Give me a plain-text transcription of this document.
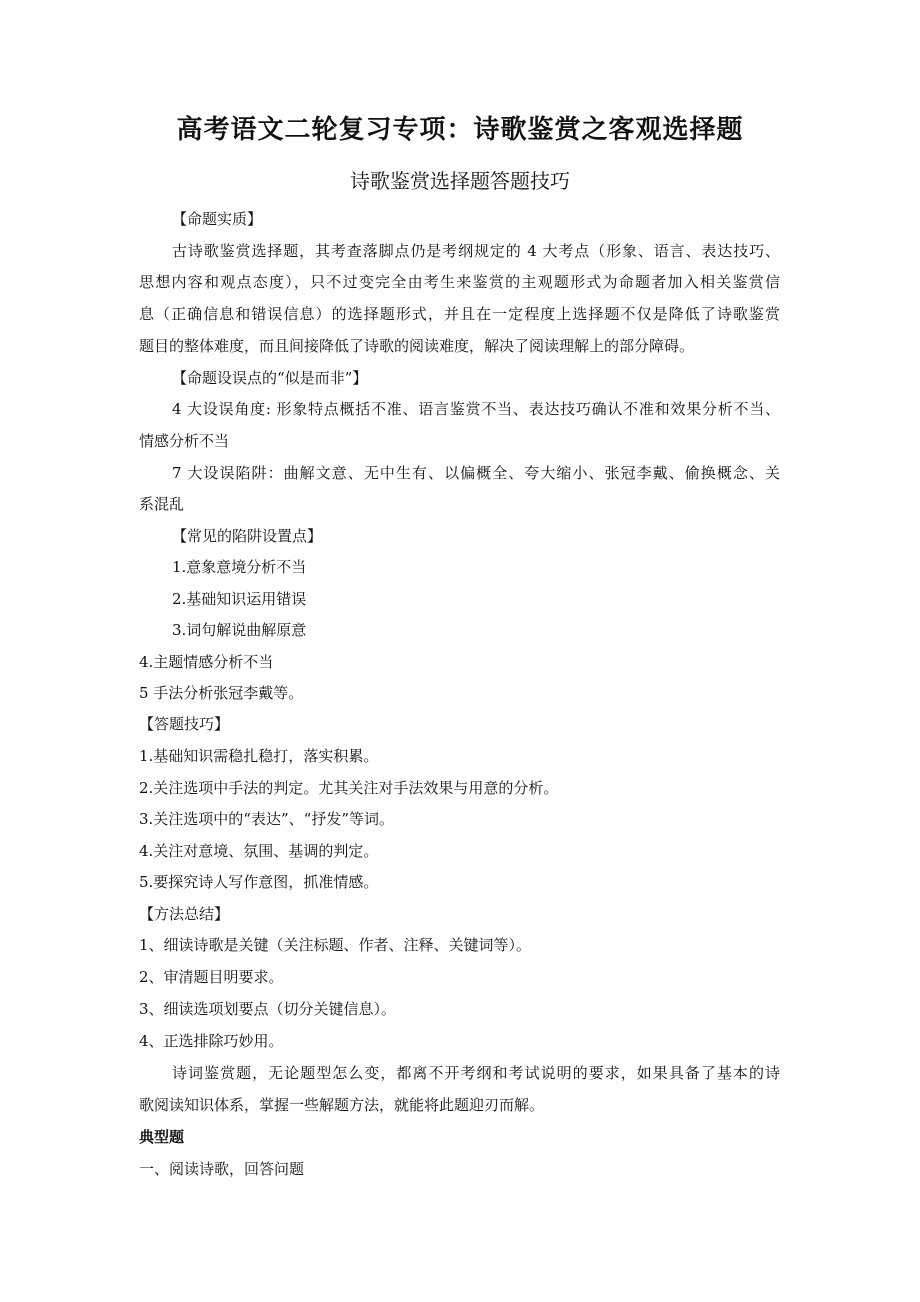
高考语文二轮复习专项：诗歌鉴赏之客观选择题
诗歌鉴赏选择题答题技巧
【命题实质】
古诗歌鉴赏选择题，其考查落脚点仍是考纲规定的 4 大考点（形象、语言、表达技巧、
思想内容和观点态度），只不过变完全由考生来鉴赏的主观题形式为命题者加入相关鉴赏信
息（正确信息和错误信息）的选择题形式，并且在一定程度上选择题不仅是降低了诗歌鉴赏
题目的整体难度，而且间接降低了诗歌的阅读难度，解决了阅读理解上的部分障碍。
【命题设误点的“似是而非”】
4 大设误角度: 形象特点概括不准、语言鉴赏不当、表达技巧确认不准和效果分析不当、
情感分析不当
7 大设误陷阱：曲解文意、无中生有、以偏概全、夸大缩小、张冠李戴、偷换概念、关
系混乱
【常见的陷阱设置点】
1.意象意境分析不当
2.基础知识运用错误
3.词句解说曲解原意
4.主题情感分析不当
5 手法分析张冠李戴等。
【答题技巧】
1.基础知识需稳扎稳打，落实积累。
2.关注选项中手法的判定。尤其关注对手法效果与用意的分析。
3.关注选项中的“表达”、“抒发”等词。
4.关注对意境、氛围、基调的判定。
5.要探究诗人写作意图，抓准情感。
【方法总结】
1、细读诗歌是关键（关注标题、作者、注释、关键词等）。
2、审清题目明要求。
3、细读选项划要点（切分关键信息）。
4、正选排除巧妙用。
诗词鉴赏题，无论题型怎么变，都离不开考纲和考试说明的要求，如果具备了基本的诗
歌阅读知识体系，掌握一些解题方法，就能将此题迎刃而解。
典型题
一、阅读诗歌，回答问题
